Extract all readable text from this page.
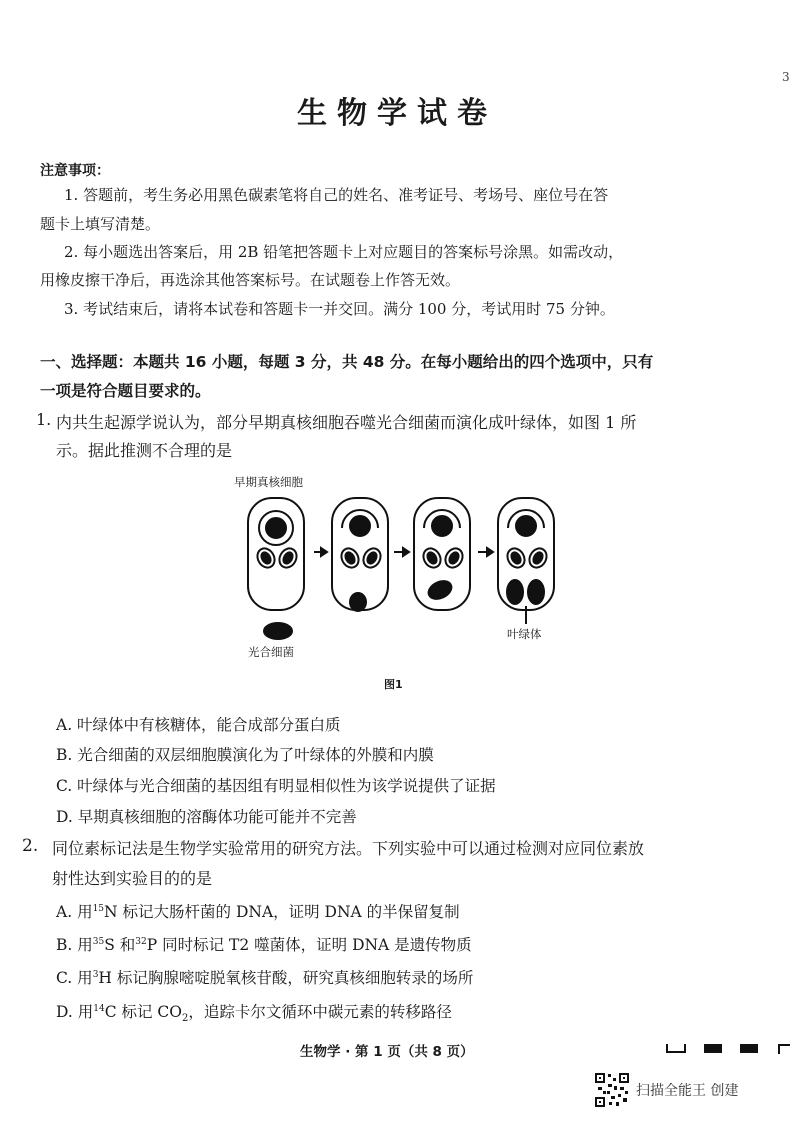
3
生物学试卷
注意事项：
1. 答题前，考生务必用黑色碳素笔将自己的姓名、准考证号、考场号、座位号在答
题卡上填写清楚。
2. 每小题选出答案后，用 2B 铅笔把答题卡上对应题目的答案标号涂黑。如需改动，
用橡皮擦干净后，再选涂其他答案标号。在试题卷上作答无效。
3. 考试结束后，请将本试卷和答题卡一并交回。满分 100 分，考试用时 75 分钟。
一、选择题：本题共 16 小题，每题 3 分，共 48 分。在每小题给出的四个选项中，只有
一项是符合题目要求的。
1. 内共生起源学说认为，部分早期真核细胞吞噬光合细菌而演化成叶绿体，如图 1 所
示。据此推测不合理的是
早期真核细胞
光合细菌
叶绿体
图1
A. 叶绿体中有核糖体，能合成部分蛋白质
B. 光合细菌的双层细胞膜演化为了叶绿体的外膜和内膜
C. 叶绿体与光合细菌的基因组有明显相似性为该学说提供了证据
D. 早期真核细胞的溶酶体功能可能并不完善
2. 同位素标记法是生物学实验常用的研究方法。下列实验中可以通过检测对应同位素放
射性达到实验目的的是
A. 用$^{15}$N 标记大肠杆菌的 DNA，证明 DNA 的半保留复制
B. 用$^{35}$S 和$^{32}$P 同时标记 T2 噬菌体，证明 DNA 是遗传物质
C. 用$^3$H 标记胸腺嘧啶脱氧核苷酸，研究真核细胞转录的场所
D. 用$^{14}$C 标记 $CO_2$，追踪卡尔文循环中碳元素的转移路径
生物学 · 第 1 页（共 8 页）
扫描全能王 创建
